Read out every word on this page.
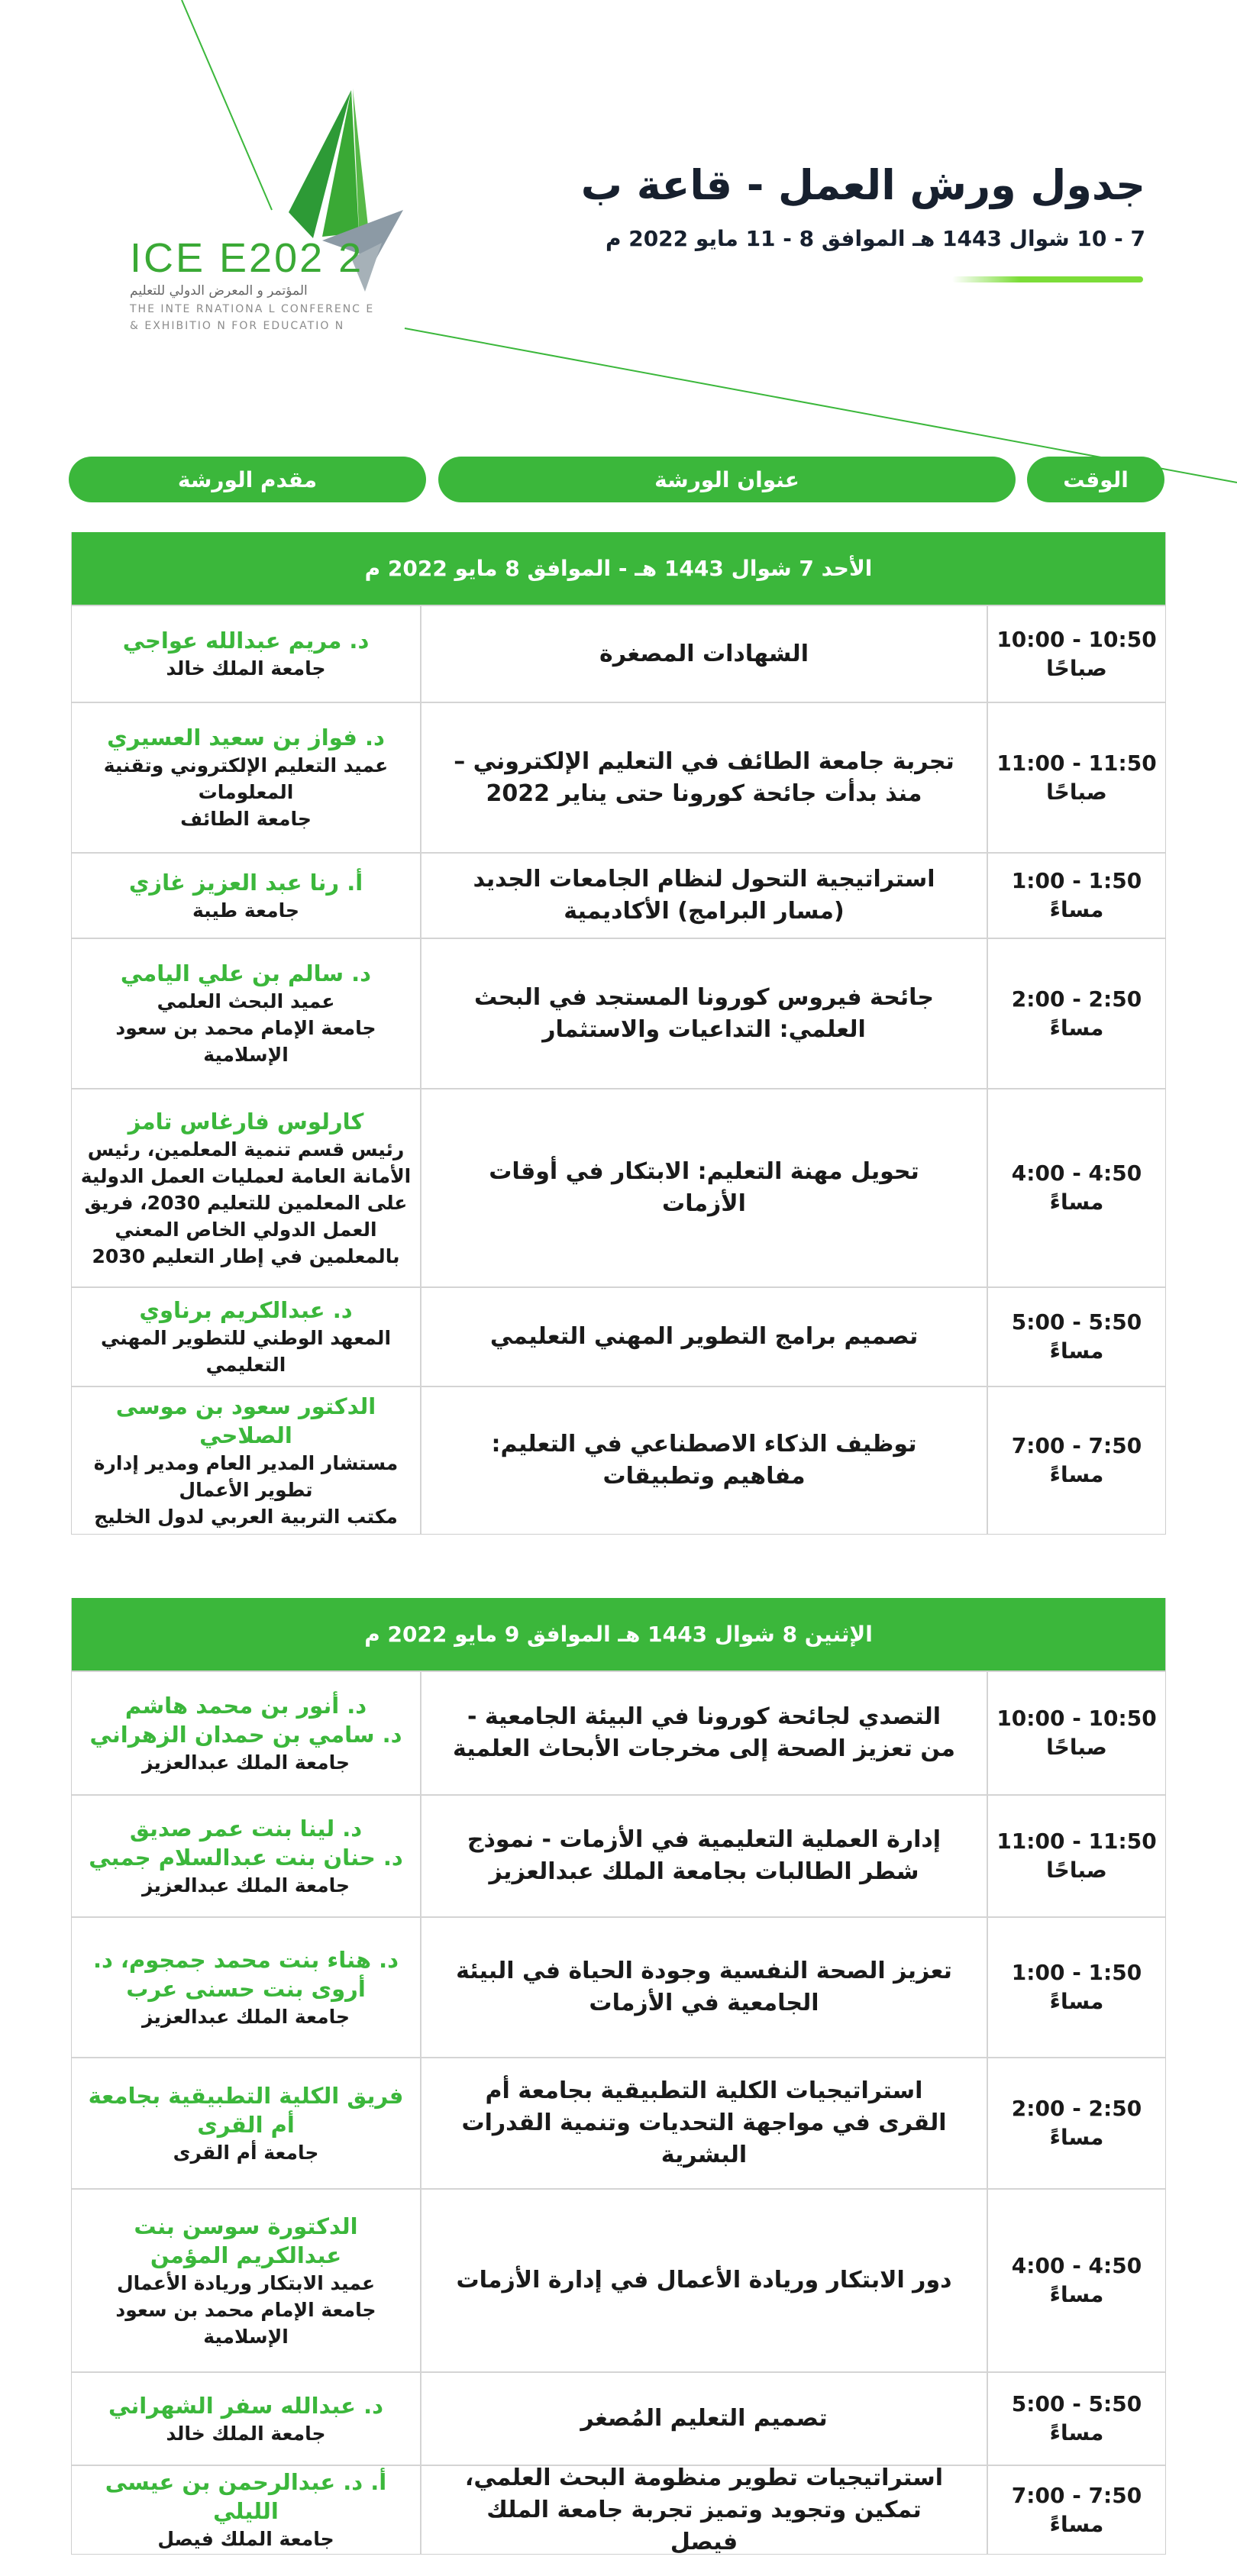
ICE E202 2
المؤتمر و المعرض الدولي للتعليم
THE INTE RNATIONA L CONFERENC E
& EXHIBITIO N FOR EDUCATIO N
جدول ورش العمل - قاعة ب
7 - 10 شوال 1443 هـ الموافق 8 - 11 مايو 2022 م
الوقت
عنوان الورشة
مقدم الورشة
الأحد 7 شوال 1443 هـ - الموافق 8 مايو 2022 م
10:00 - 10:50
صباحًا
الشهادات المصغرة
د. مريم عبدالله عواجي
جامعة الملك خالد
11:00 - 11:50
صباحًا
تجربة جامعة الطائف في التعليم الإلكتروني – منذ بدأت جائحة كورونا حتى يناير 2022
د. فواز بن سعيد العسيري
عميد التعليم الإلكتروني وتقنية المعلومات
جامعة الطائف
1:00 - 1:50
مساءً
استراتيجية التحول لنظام الجامعات الجديد (مسار البرامج) الأكاديمية
أ. رنا عبد العزيز غازي
جامعة طيبة
2:00 - 2:50
مساءً
جائحة فيروس كورونا المستجد في البحث العلمي: التداعيات والاستثمار
د. سالم بن علي اليامي
عميد البحث العلمي
جامعة الإمام محمد بن سعود الإسلامية
4:00 - 4:50
مساءً
تحويل مهنة التعليم: الابتكار في أوقات الأزمات
كارلوس فارغاس تامز
رئيس قسم تنمية المعلمين، رئيس الأمانة العامة لعمليات العمل الدولية على المعلمين للتعليم 2030، فريق العمل الدولي الخاص المعني بالمعلمين في إطار التعليم 2030
5:00 - 5:50
مساءً
تصميم برامج التطوير المهني التعليمي
د. عبدالكريم برناوي
المعهد الوطني للتطوير المهني التعليمي
7:00 - 7:50
مساءً
توظيف الذكاء الاصطناعي في التعليم: مفاهيم وتطبيقات
الدكتور سعود بن موسى الصلاحي
مستشار المدير العام ومدير إدارة تطوير الأعمال
مكتب التربية العربي لدول الخليج
الإثنين 8 شوال 1443 هـ الموافق 9 مايو 2022 م
10:00 - 10:50
صباحًا
التصدي لجائحة كورونا في البيئة الجامعية - من تعزيز الصحة إلى مخرجات الأبحاث العلمية
د. أنور بن محمد هاشم
د. سامي بن حمدان الزهراني
جامعة الملك عبدالعزيز
11:00 - 11:50
صباحًا
إدارة العملية التعليمية في الأزمات - نموذج شطر الطالبات بجامعة الملك عبدالعزيز
د. لينا بنت عمر صديق
د. حنان بنت عبدالسلام جمبي
جامعة الملك عبدالعزيز
1:00 - 1:50
مساءً
تعزيز الصحة النفسية وجودة الحياة في البيئة الجامعية في الأزمات
د. هناء بنت محمد جمجوم، د. أروى بنت حسنى عرب
جامعة الملك عبدالعزيز
2:00 - 2:50
مساءً
استراتيجيات الكلية التطبيقية بجامعة أم القرى في مواجهة التحديات وتنمية القدرات البشرية
فريق الكلية التطبيقية بجامعة أم القرى
جامعة أم القرى
4:00 - 4:50
مساءً
دور الابتكار وريادة الأعمال في إدارة الأزمات
الدكتورة سوسن بنت عبدالكريم المؤمن
عميد الابتكار وريادة الأعمال
جامعة الإمام محمد بن سعود الإسلامية
5:00 - 5:50
مساءً
تصميم التعليم المُصغر
د. عبدالله سفر الشهراني
جامعة الملك خالد
7:00 - 7:50
مساءً
استراتيجيات تطوير منظومة البحث العلمي، تمكين وتجويد وتميز تجربة جامعة الملك فيصل
أ. د. عبدالرحمن بن عيسى الليلي
جامعة الملك فيصل
